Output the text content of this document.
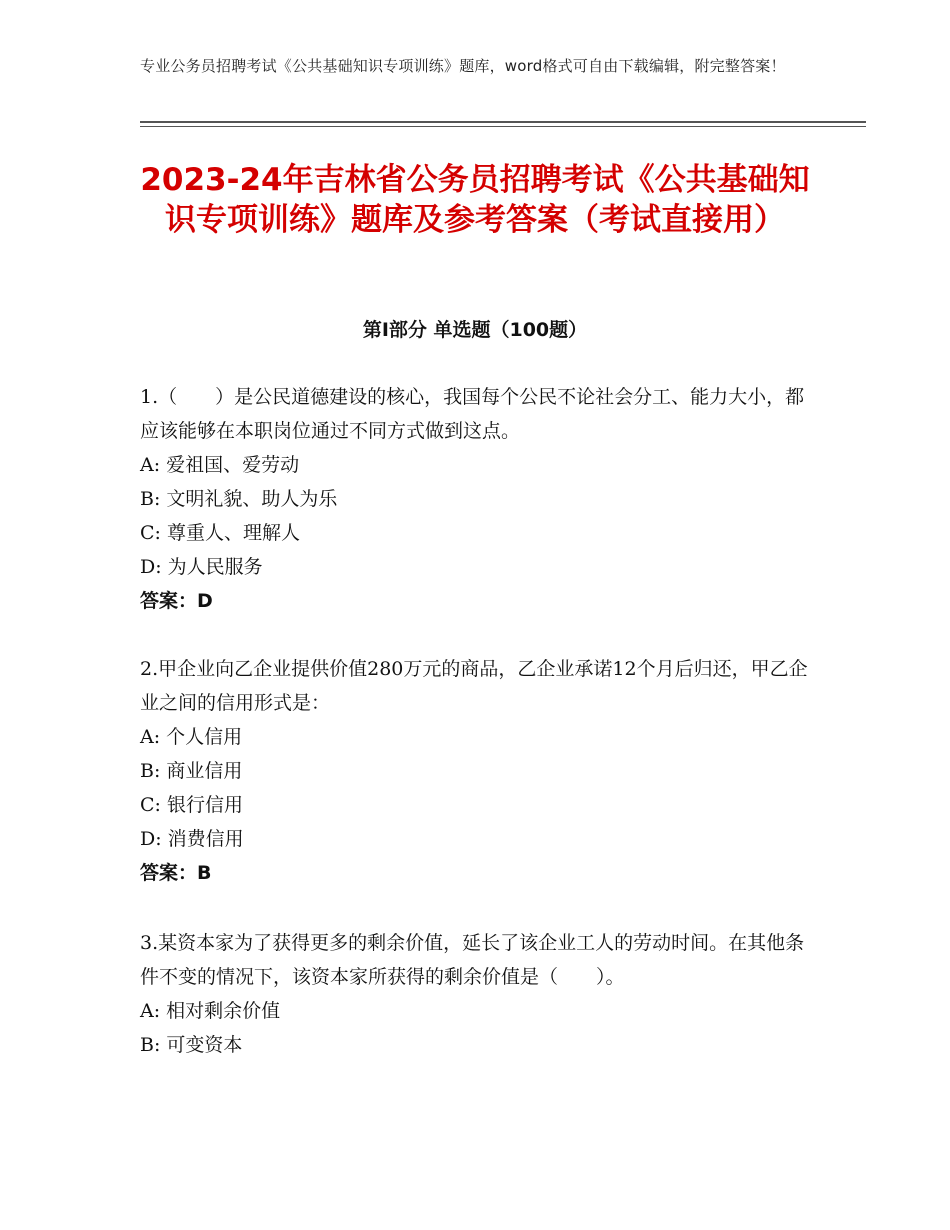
专业公务员招聘考试《公共基础知识专项训练》题库，word格式可自由下载编辑，附完整答案！
2023-24年吉林省公务员招聘考试《公共基础知识专项训练》题库及参考答案（考试直接用）
第Ⅰ部分 单选题（100题）

1.（　　）是公民道德建设的核心，我国每个公民不论社会分工、能力大小，都应该能够在本职岗位通过不同方式做到这点。

A: 爱祖国、爱劳动

B: 文明礼貌、助人为乐

C: 尊重人、理解人

D: 为人民服务

答案：D

2.甲企业向乙企业提供价值280万元的商品，乙企业承诺12个月后归还，甲乙企业之间的信用形式是：

A: 个人信用

B: 商业信用

C: 银行信用

D: 消费信用

答案：B

3.某资本家为了获得更多的剩余价值，延长了该企业工人的劳动时间。在其他条件不变的情况下，该资本家所获得的剩余价值是（　　）。

A: 相对剩余价值

B: 可变资本
